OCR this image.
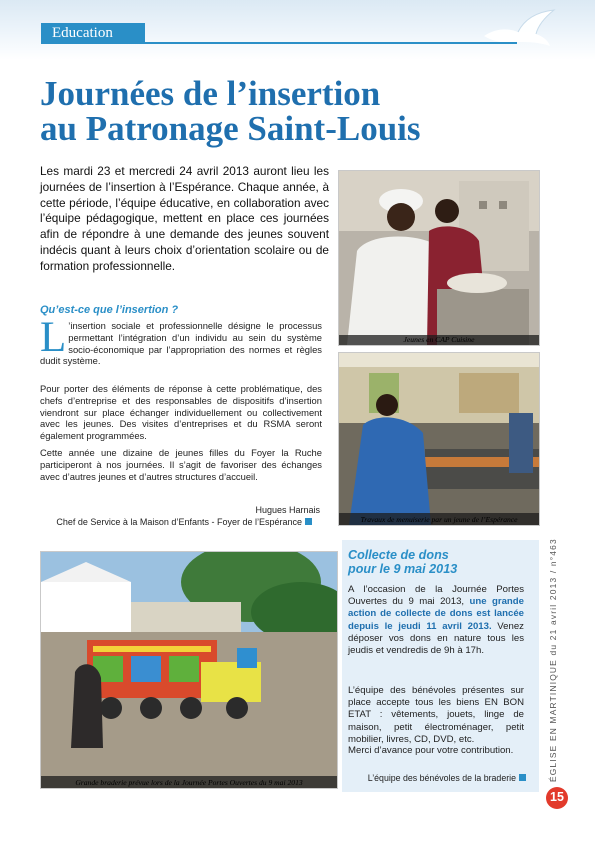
Education
Journées de l’insertion
au Patronage Saint-Louis

Les mardi 23 et mercredi 24 avril 2013 auront lieu les journées de l’insertion à l’Espérance. Chaque année, à cette période, l’équipe éducative, en collaboration avec l’équipe pédagogique, mettent en place ces journées afin de répondre à une demande des jeunes souvent indécis quant à leurs choix d’orientation scolaire ou de formation professionnelle.

Qu’est-ce que l’insertion ?

L ’insertion sociale et professionnelle désigne le processus permettant l’intégration d’un individu au sein du système socio-économique par l’appropriation des normes et règles dudit système.

Pour porter des éléments de réponse à cette problématique, des chefs d’entreprise et des responsables de dispositifs d’insertion viendront sur place échanger individuellement ou collectivement avec les jeunes. Des visites d’entreprises et du RSMA seront également programmées.

Cette année une dizaine de jeunes filles du Foyer la Ruche participeront à nos journées. Il s’agit de favoriser des échanges avec d’autres jeunes et d’autres structures d’accueil.

Hugues Harnais
Chef de Service à la Maison d’Enfants - Foyer de l’Espérance
Jeunes en CAP Cuisine
Travaux de menuiserie par un jeune de l’Espérance
Grande braderie prévue lors de la Journée Portes Ouvertes du 9 mai 2013
Collecte de dons
pour le 9 mai 2013

A l’occasion de la Journée Portes Ouvertes du 9 mai 2013, une grande action de collecte de dons est lancée depuis le jeudi 11 avril 2013. Venez déposer vos dons en nature tous les jeudis et vendredis de 9h à 17h.

L’équipe des bénévoles présentes sur place accepte tous les biens EN BON ETAT : vêtements, jouets, linge de maison, petit électroménager, petit mobilier, livres, CD, DVD, etc.

Merci d’avance pour votre contribution.

L’équipe des bénévoles de la braderie	ÉGLISE EN MARTINIQUE du 21 avril 2013 / n°463
15
